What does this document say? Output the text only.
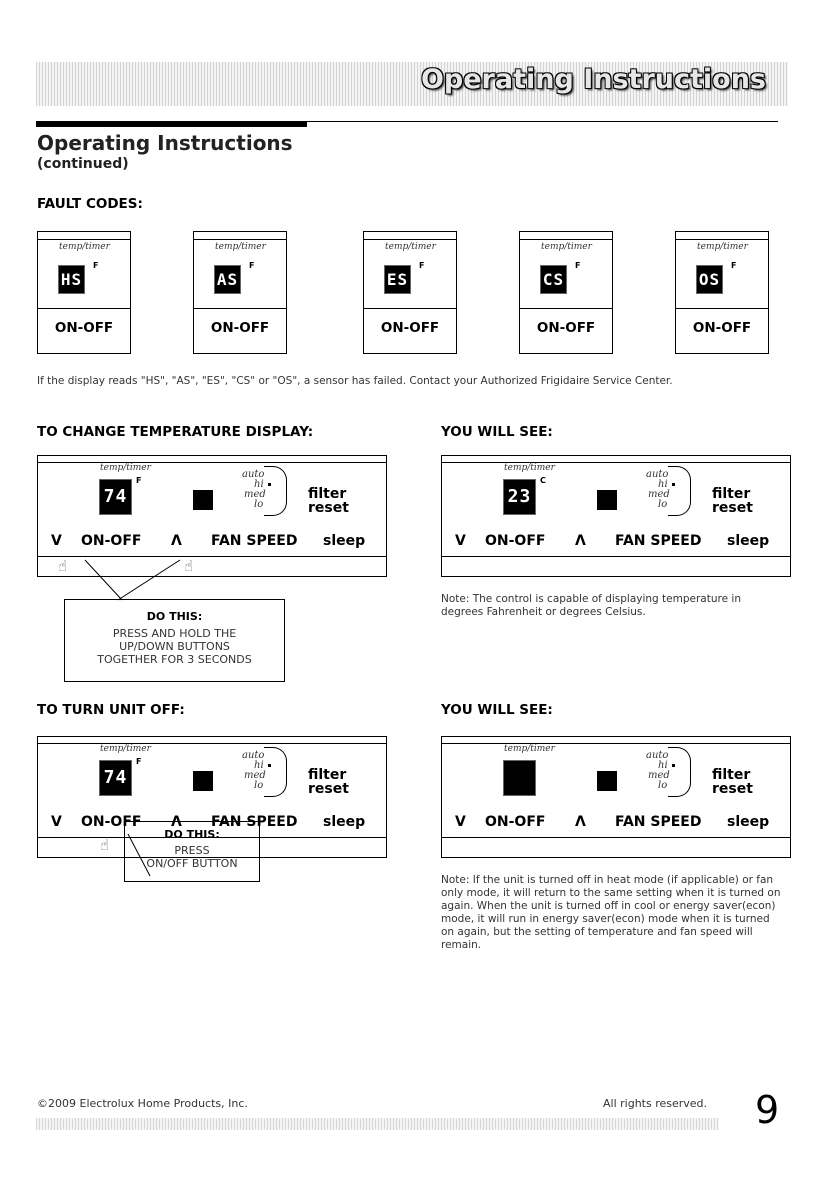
Operating Instructions
Operating Instructions
(continued)
FAULT CODES:
temp/timer
HS
F
ON-OFF
temp/timer
AS
F
ON-OFF
temp/timer
ES
F
ON-OFF
temp/timer
CS
F
ON-OFF
temp/timer
OS
F
ON-OFF
If the display reads "HS", "AS", "ES", "CS" or "OS", a sensor has failed. Contact your Authorized Frigidaire Service Center.
TO CHANGE TEMPERATURE DISPLAY:	YOU WILL SEE:
temp/timer
74
F
auto
hi
med
lo
filter
reset
V ON-OFF Λ FAN SPEED sleep
☝	☝
temp/timer
23
C
auto
hi
med
lo
filter
reset
V ON-OFF Λ FAN SPEED sleep
DO THIS:
PRESS AND HOLD THE
UP/DOWN BUTTONS
TOGETHER FOR 3 SECONDS
Note: The control is capable of displaying temperature in degrees Fahrenheit or degrees Celsius.
TO TURN UNIT OFF:	YOU WILL SEE:
temp/timer
74
F
auto
hi
med
lo
filter
reset
V ON-OFF Λ FAN SPEED sleep
☝
temp/timer
auto
hi
med
lo
filter
reset
V ON-OFF Λ FAN SPEED sleep
DO THIS:
PRESS
ON/OFF BUTTON
Note: If the unit is turned off in heat mode (if applicable) or fan only mode, it will return to the same setting when it is turned on again. When the unit is turned off in cool or energy saver(econ) mode, it will run in energy saver(econ) mode when it is turned on again, but the setting of temperature and fan speed will remain.
©2009 Electrolux Home Products, Inc.	All rights reserved. 9
